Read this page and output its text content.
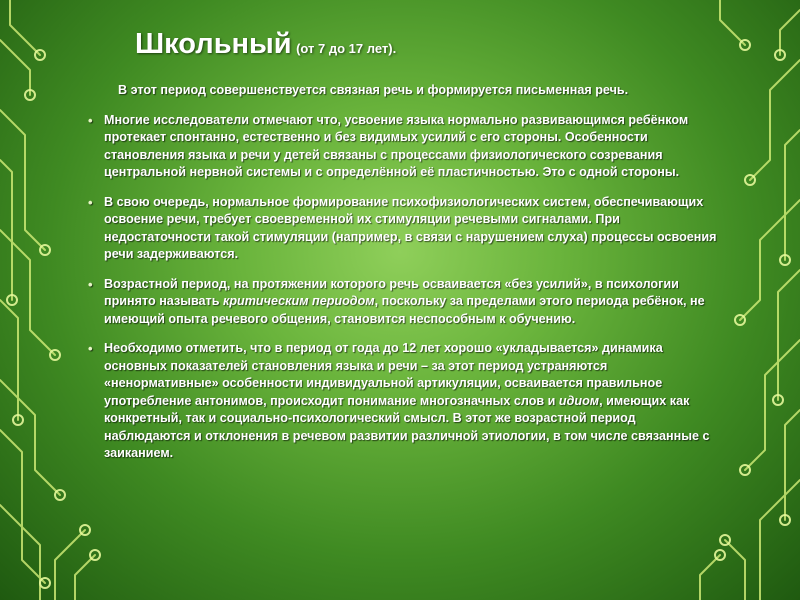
Школьный (от 7 до 17 лет).

В этот период совершенствуется связная речь и формируется письменная речь.

• Многие исследователи отмечают что, усвоение языка нормально развивающимся ребёнком протекает спонтанно, естественно и без видимых усилий с его стороны. Особенности становления языка и речи у детей связаны с процессами физиологического созревания центральной нервной системы и с определённой её пластичностью. Это с одной стороны.
• В свою очередь, нормальное формирование психофизиологических систем, обеспечивающих освоение речи, требует своевременной их стимуляции речевыми сигналами. При недостаточности такой стимуляции (например, в связи с нарушением слуха) процессы освоения речи задерживаются.
• Возрастной период, на протяжении которого речь осваивается «без усилий», в психологии принято называть критическим периодом, поскольку за пределами этого периода ребёнок, не имеющий опыта речевого общения, становится неспособным к обучению.
• Необходимо отметить, что в период от года до 12 лет хорошо «укладывается» динамика основных показателей становления языка и речи – за этот период устраняются «ненормативные» особенности индивидуальной артикуляции, осваивается правильное употребление антонимов, происходит понимание многозначных слов и идиом, имеющих как конкретный, так и социально-психологический смысл. В этот же возрастной период наблюдаются и отклонения в речевом развитии различной этиологии, в том числе связанные с заиканием.
